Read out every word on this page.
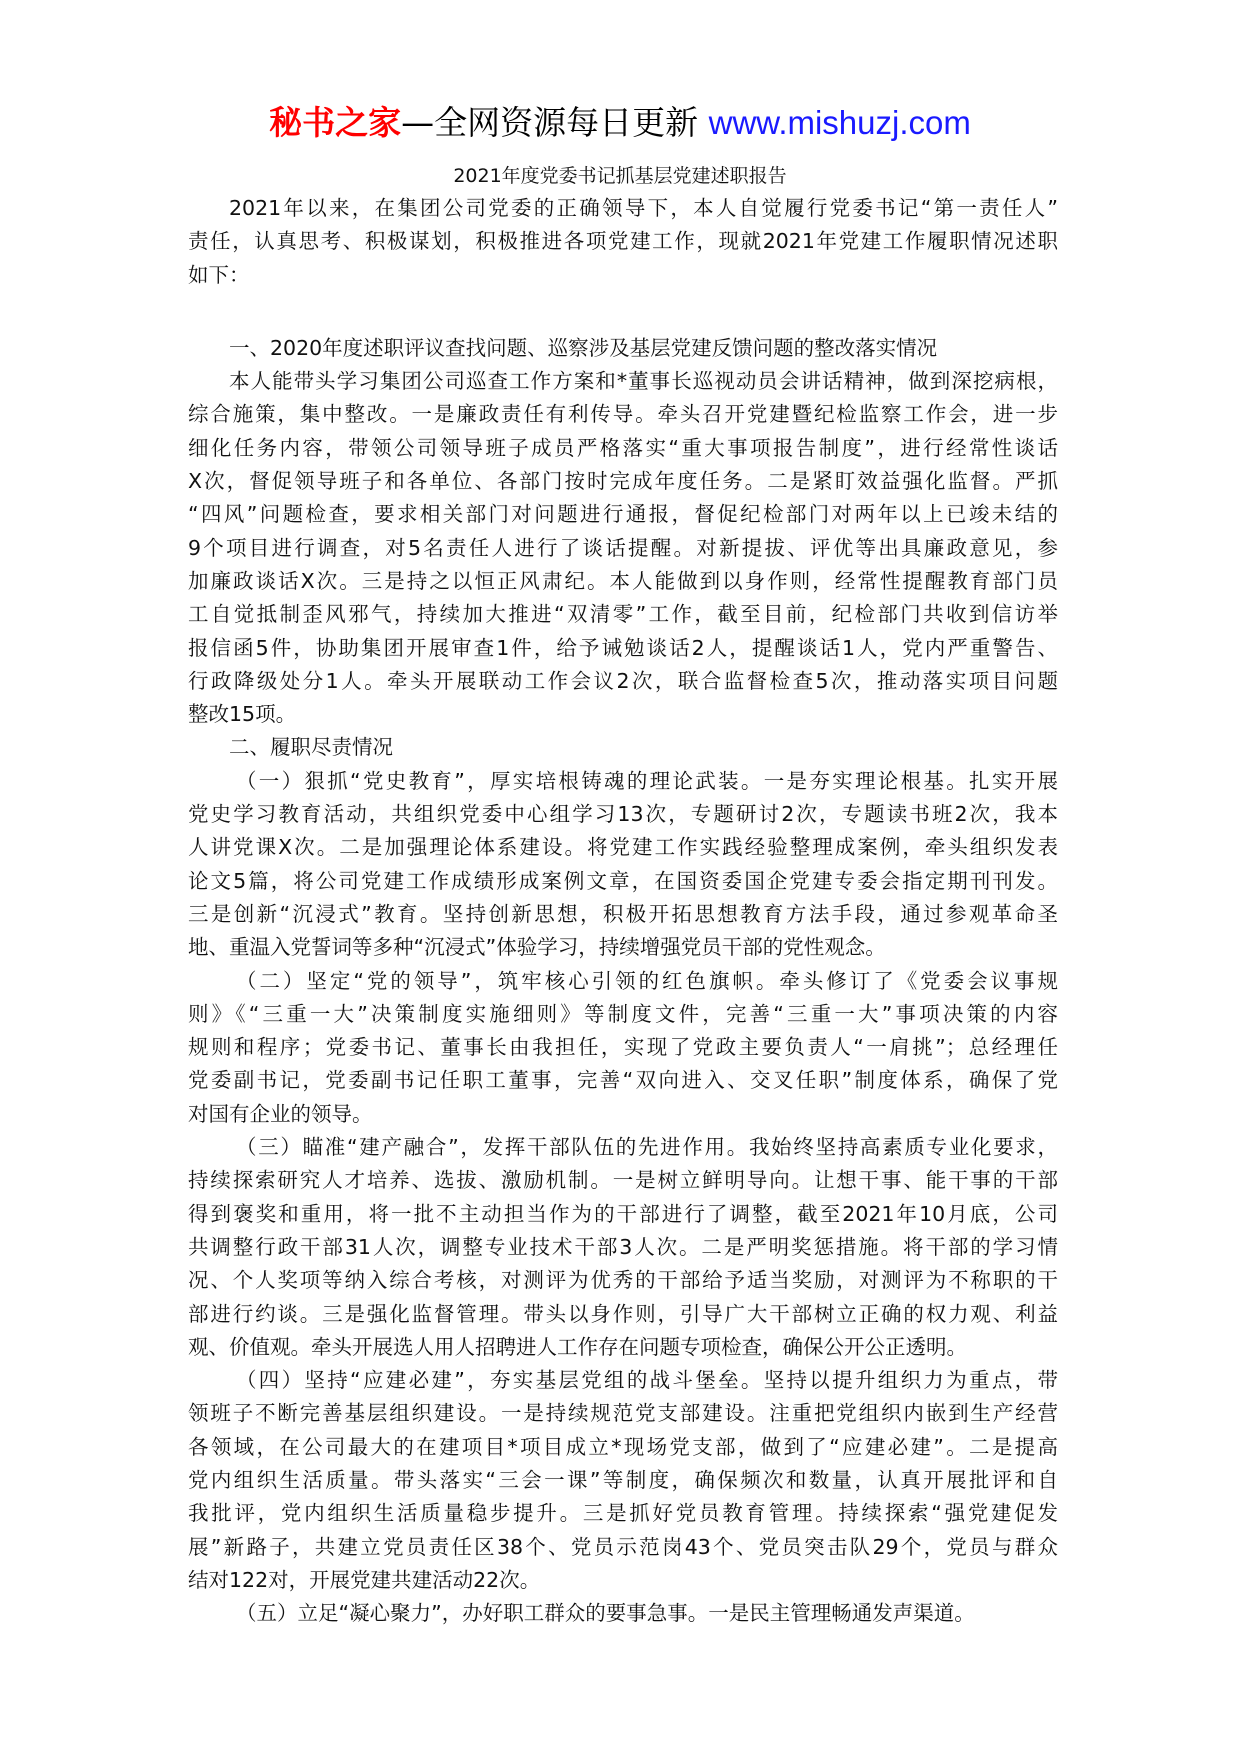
秘书之家—全网资源每日更新 www.mishuzj.com
2021年度党委书记抓基层党建述职报告
2021年以来，在集团公司党委的正确领导下，本人自觉履行党委书记“第一责任人”
责任，认真思考、积极谋划，积极推进各项党建工作，现就2021年党建工作履职情况述职
如下：
一、2020年度述职评议查找问题、巡察涉及基层党建反馈问题的整改落实情况
本人能带头学习集团公司巡查工作方案和*董事长巡视动员会讲话精神，做到深挖病根，
综合施策，集中整改。一是廉政责任有利传导。牵头召开党建暨纪检监察工作会，进一步
细化任务内容，带领公司领导班子成员严格落实“重大事项报告制度”，进行经常性谈话
X次，督促领导班子和各单位、各部门按时完成年度任务。二是紧盯效益强化监督。严抓
“四风”问题检查，要求相关部门对问题进行通报，督促纪检部门对两年以上已竣未结的
9个项目进行调查，对5名责任人进行了谈话提醒。对新提拔、评优等出具廉政意见，参
加廉政谈话X次。三是持之以恒正风肃纪。本人能做到以身作则，经常性提醒教育部门员
工自觉抵制歪风邪气，持续加大推进“双清零”工作，截至目前，纪检部门共收到信访举
报信函5件，协助集团开展审查1件，给予诫勉谈话2人，提醒谈话1人，党内严重警告、
行政降级处分1人。牵头开展联动工作会议2次，联合监督检查5次，推动落实项目问题
整改15项。
二、履职尽责情况
（一）狠抓“党史教育”，厚实培根铸魂的理论武装。一是夯实理论根基。扎实开展
党史学习教育活动，共组织党委中心组学习13次，专题研讨2次，专题读书班2次，我本
人讲党课X次。二是加强理论体系建设。将党建工作实践经验整理成案例，牵头组织发表
论文5篇，将公司党建工作成绩形成案例文章，在国资委国企党建专委会指定期刊刊发。
三是创新“沉浸式”教育。坚持创新思想，积极开拓思想教育方法手段，通过参观革命圣
地、重温入党誓词等多种“沉浸式”体验学习，持续增强党员干部的党性观念。
（二）坚定“党的领导”，筑牢核心引领的红色旗帜。牵头修订了《党委会议事规
则》《“三重一大”决策制度实施细则》等制度文件，完善“三重一大”事项决策的内容
规则和程序；党委书记、董事长由我担任，实现了党政主要负责人“一肩挑”；总经理任
党委副书记，党委副书记任职工董事，完善“双向进入、交叉任职”制度体系，确保了党
对国有企业的领导。
（三）瞄准“建产融合”，发挥干部队伍的先进作用。我始终坚持高素质专业化要求，
持续探索研究人才培养、选拔、激励机制。一是树立鲜明导向。让想干事、能干事的干部
得到褒奖和重用，将一批不主动担当作为的干部进行了调整，截至2021年10月底，公司
共调整行政干部31人次，调整专业技术干部3人次。二是严明奖惩措施。将干部的学习情
况、个人奖项等纳入综合考核，对测评为优秀的干部给予适当奖励，对测评为不称职的干
部进行约谈。三是强化监督管理。带头以身作则，引导广大干部树立正确的权力观、利益
观、价值观。牵头开展选人用人招聘进人工作存在问题专项检查，确保公开公正透明。
（四）坚持“应建必建”，夯实基层党组的战斗堡垒。坚持以提升组织力为重点，带
领班子不断完善基层组织建设。一是持续规范党支部建设。注重把党组织内嵌到生产经营
各领域，在公司最大的在建项目*项目成立*现场党支部，做到了“应建必建”。二是提高
党内组织生活质量。带头落实“三会一课”等制度，确保频次和数量，认真开展批评和自
我批评，党内组织生活质量稳步提升。三是抓好党员教育管理。持续探索“强党建促发
展”新路子，共建立党员责任区38个、党员示范岗43个、党员突击队29个，党员与群众
结对122对，开展党建共建活动22次。
（五）立足“凝心聚力”，办好职工群众的要事急事。一是民主管理畅通发声渠道。
